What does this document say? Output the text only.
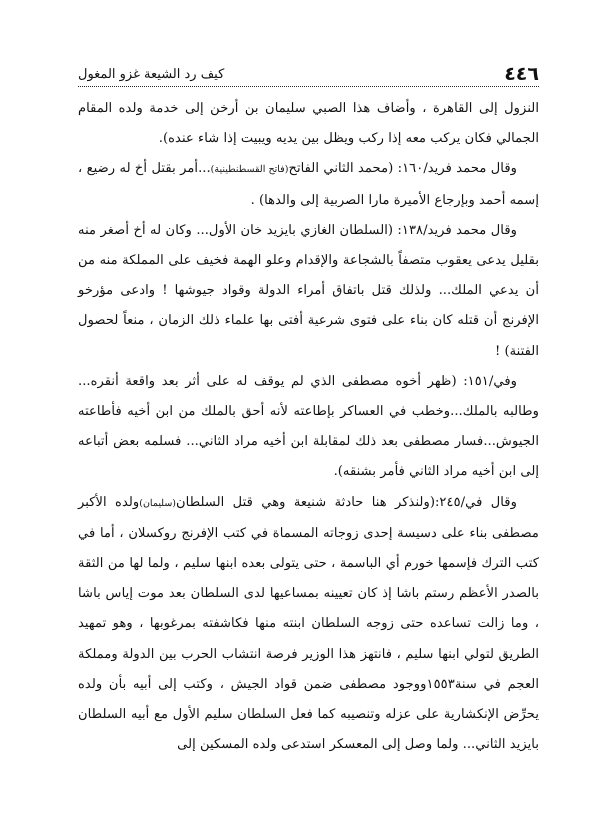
٤٤٦
كيف رد الشيعة غزو المغول

النزول إلى القاهرة ، وأضاف هذا الصبي سليمان بن أرخن إلى خدمة ولده المقام الجمالي فكان يركب معه إذا ركب ويظل بين يديه ويبيت إذا شاء عنده).

وقال محمد فريد/١٦٠: (محمد الثاني الفاتح(فاتح القسطنطينية)...أمر بقتل أخ له رضيع ، إسمه أحمد وبإرجاع الأميرة مارا الصربية إلى والدها) .

وقال محمد فريد/١٣٨: (السلطان الغازي بايزيد خان الأول... وكان له أخ أصغر منه بقليل يدعى يعقوب متصفاً بالشجاعة والإقدام وعلو الهمة فخيف على المملكة منه من أن يدعي الملك... ولذلك قتل باتفاق أمراء الدولة وقواد جيوشها ! وادعى مؤرخو الإفرنج أن قتله كان بناء على فتوى شرعية أفتى بها علماء ذلك الزمان ، منعاً لحصول الفتنة) !

وفي/١٥١: (ظهر أخوه مصطفى الذي لم يوقف له على أثر بعد واقعة أنقره... وطالبه بالملك...وخطب في العساكر بإطاعته لأنه أحق بالملك من ابن أخيه فأطاعته الجيوش...فسار مصطفى بعد ذلك لمقابلة ابن أخيه مراد الثاني... فسلمه بعض أتباعه إلى ابن أخيه مراد الثاني فأمر بشنقه).

وقال في/٢٤٥:(ولنذكر هنا حادثة شنيعة وهي قتل السلطان(سليمان)ولده الأكبر مصطفى بناء على دسيسة إحدى زوجاته المسماة في كتب الإفرنج روكسلان ، أما في كتب الترك فإسمها خورم أي الباسمة ، حتى يتولى بعده ابنها سليم ، ولما لها من الثقة بالصدر الأعظم رستم باشا إذ كان تعيينه بمساعيها لدى السلطان بعد موت إياس باشا ، وما زالت تساعده حتى زوجه السلطان ابنته منها فكاشفته بمرغوبها ، وهو تمهيد الطريق لتولي ابنها سليم ، فانتهز هذا الوزير فرصة انتشاب الحرب بين الدولة ومملكة العجم في سنة١٥٥٣ووجود مصطفى ضمن قواد الجيش ، وكتب إلى أبيه بأن ولده يحرِّض الإنكشارية على عزله وتنصيبه كما فعل السلطان سليم الأول مع أبيه السلطان بايزيد الثاني... ولما وصل إلى المعسكر استدعى ولده المسكين إلى
